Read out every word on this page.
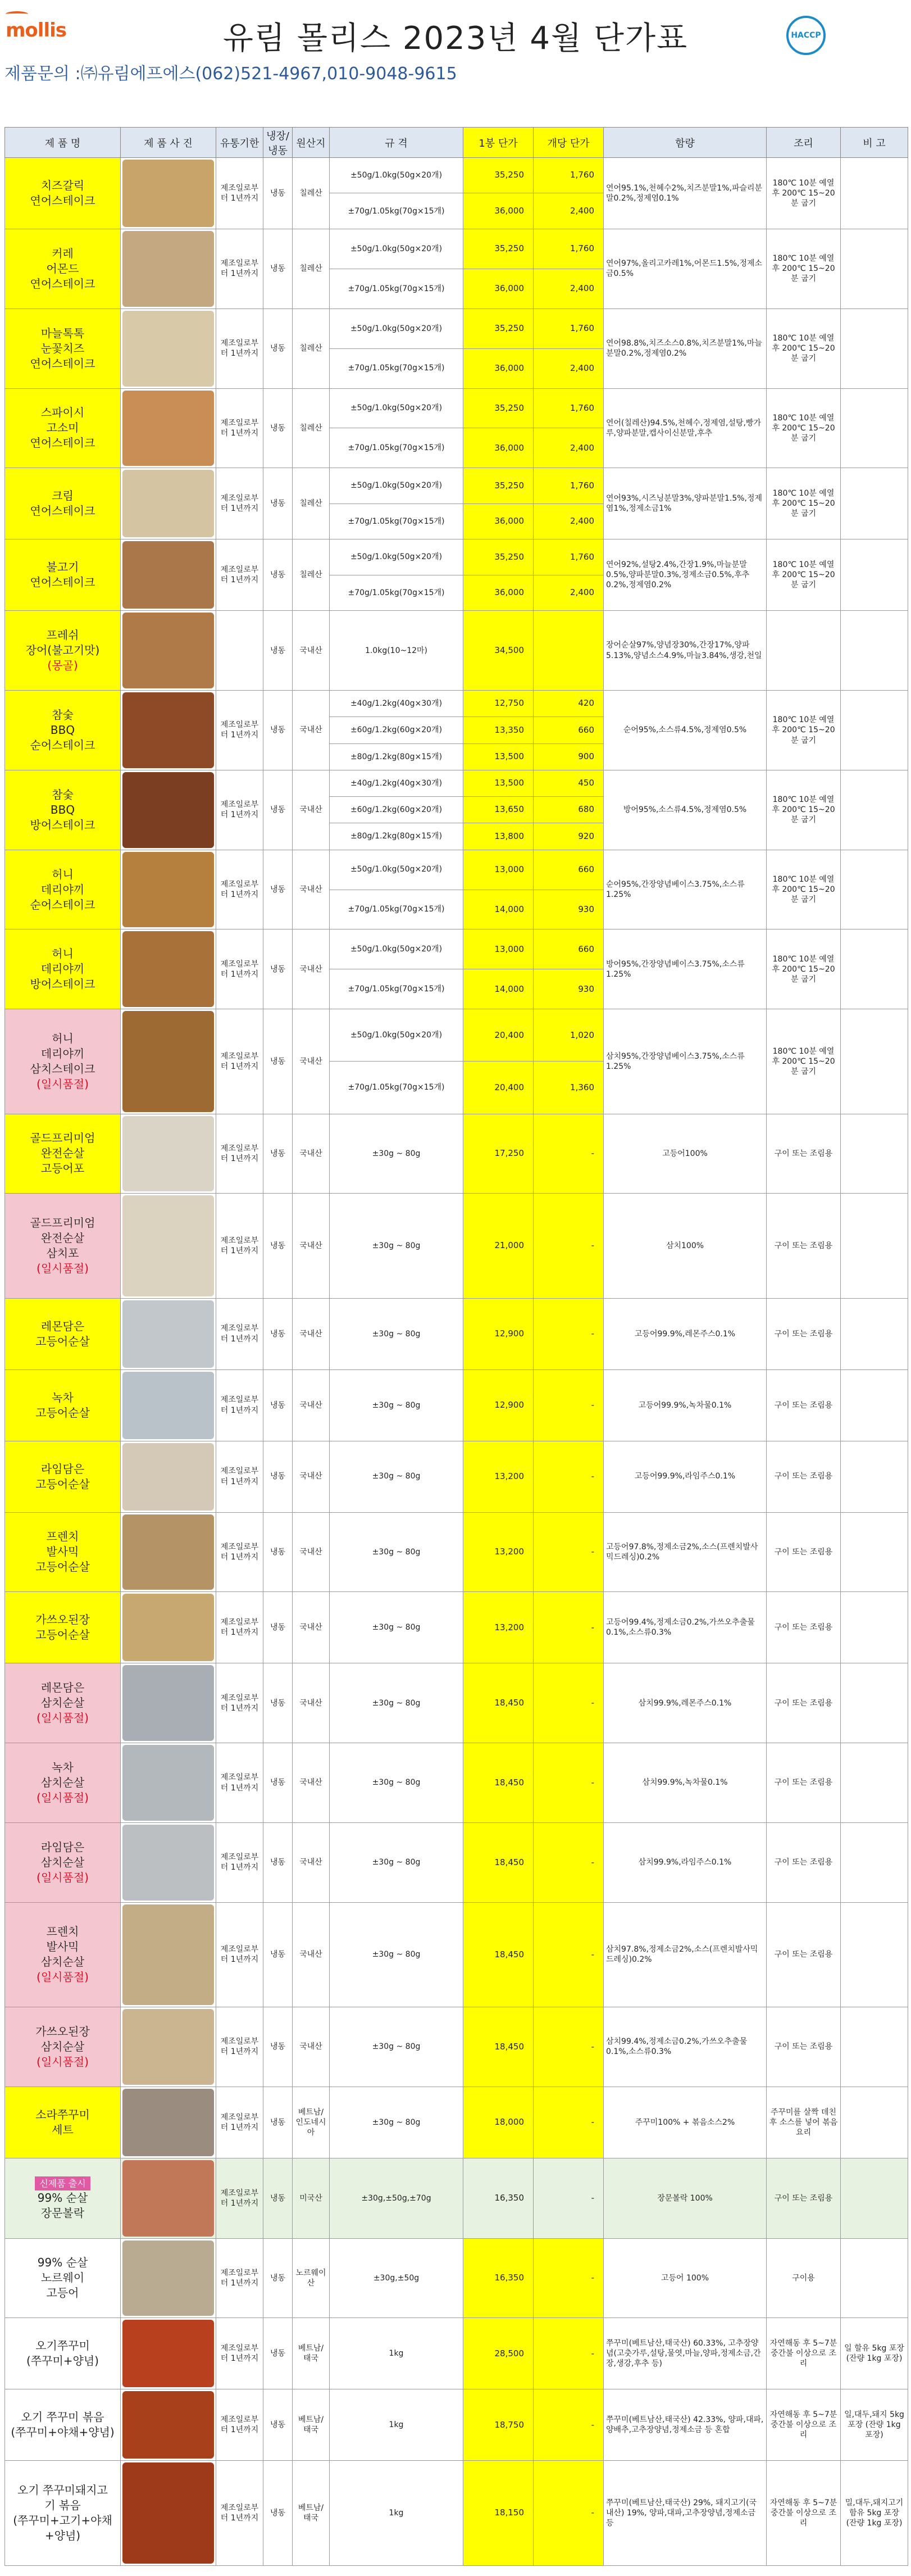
mollis	유림 몰리스 2023년 4월 단가표	HACCP
제품문의 :㈜유림에프에스(062)521-4967,010-9048-9615
제 품 명	제 품 사 진	유통기한	냉장/냉동	원산지	규 격	1봉 단가	개당 단가	함량	조리	비 고
치즈갈릭
연어스테이크		제조일로부터 1년까지	냉동	칠레산	±50g/1.0kg(50g×20개)	35,250	1,760	연어95.1%,천혜수2%,치즈분말1%,파슬리분말0.2%,정제염0.1%	180℃ 10분 예열 후 200℃ 15~20분 굽기	
					±70g/1.05kg(70g×15개)	36,000	2,400			
커레
어몬드
연어스테이크		제조일로부터 1년까지	냉동	칠레산	±50g/1.0kg(50g×20개)	35,250	1,760	연어97%,올리고카레1%,어몬드1.5%,정제소금0.5%	180℃ 10분 예열 후 200℃ 15~20분 굽기	
					±70g/1.05kg(70g×15개)	36,000	2,400			
마늘톡톡
눈꽃치즈
연어스테이크		제조일로부터 1년까지	냉동	칠레산	±50g/1.0kg(50g×20개)	35,250	1,760	연어98.8%,치즈소스0.8%,치즈분말1%,마늘분말0.2%,정제염0.2%	180℃ 10분 예열 후 200℃ 15~20분 굽기	
					±70g/1.05kg(70g×15개)	36,000	2,400			
스파이시
고소미
연어스테이크		제조일로부터 1년까지	냉동	칠레산	±50g/1.0kg(50g×20개)	35,250	1,760	연어(칠레산)94.5%,천혜수,정제염,설탕,빵가루,양파분말,캡사이신분말,후추	180℃ 10분 예열 후 200℃ 15~20분 굽기	
					±70g/1.05kg(70g×15개)	36,000	2,400			
크림
연어스테이크		제조일로부터 1년까지	냉동	칠레산	±50g/1.0kg(50g×20개)	35,250	1,760	연어93%,시즈닝분말3%,양파분말1.5%,정제염1%,정제소금1%	180℃ 10분 예열 후 200℃ 15~20분 굽기	
					±70g/1.05kg(70g×15개)	36,000	2,400			
불고기
연어스테이크		제조일로부터 1년까지	냉동	칠레산	±50g/1.0kg(50g×20개)	35,250	1,760	연어92%,설탕2.4%,간장1.9%,마늘분말0.5%,양파분말0.3%,정제소금0.5%,후추0.2%,정제염0.2%	180℃ 10분 예열 후 200℃ 15~20분 굽기	
					±70g/1.05kg(70g×15개)	36,000	2,400			
프레쉬
장어(불고기맛)
(몽골)			냉동	국내산	1.0kg(10~12마)	34,500		장어순살97%,양념장30%,간장17%,양파5.13%,양념소스4.9%,마늘3.84%,생강,천일		
참숯
BBQ
순어스테이크		제조일로부터 1년까지	냉동	국내산	±40g/1.2kg(40g×30개)	12,750	420	순어95%,소스류4.5%,정제염0.5%	180℃ 10분 예열 후 200℃ 15~20분 굽기	
					±60g/1.2kg(60g×20개)	13,350	660			
					±80g/1.2kg(80g×15개)	13,500	900			
참숯
BBQ
방어스테이크		제조일로부터 1년까지	냉동	국내산	±40g/1.2kg(40g×30개)	13,500	450	방어95%,소스류4.5%,정제염0.5%	180℃ 10분 예열 후 200℃ 15~20분 굽기	
					±60g/1.2kg(60g×20개)	13,650	680			
					±80g/1.2kg(80g×15개)	13,800	920			
허니
데리야끼
순어스테이크		제조일로부터 1년까지	냉동	국내산	±50g/1.0kg(50g×20개)	13,000	660	순어95%,간장양념베이스3.75%,소스류1.25%	180℃ 10분 예열 후 200℃ 15~20분 굽기	
					±70g/1.05kg(70g×15개)	14,000	930			
허니
데리야끼
방어스테이크		제조일로부터 1년까지	냉동	국내산	±50g/1.0kg(50g×20개)	13,000	660	방어95%,간장양념베이스3.75%,소스류1.25%	180℃ 10분 예열 후 200℃ 15~20분 굽기	
					±70g/1.05kg(70g×15개)	14,000	930			
허니
데리야끼
삼치스테이크
(일시품절)		제조일로부터 1년까지	냉동	국내산	±50g/1.0kg(50g×20개)	20,400	1,020	삼치95%,간장양념베이스3.75%,소스류1.25%	180℃ 10분 예열 후 200℃ 15~20분 굽기	
					±70g/1.05kg(70g×15개)	20,400	1,360			
골드프리미엄
완전순살
고등어포		제조일로부터 1년까지	냉동	국내산	±30g ~ 80g	17,250	-	고등어100%	구이 또는 조림용	
골드프리미엄
완전순살
삼치포
(일시품절)		제조일로부터 1년까지	냉동	국내산	±30g ~ 80g	21,000	-	삼치100%	구이 또는 조림용	
레몬담은
고등어순살		제조일로부터 1년까지	냉동	국내산	±30g ~ 80g	12,900	-	고등어99.9%,레몬주스0.1%	구이 또는 조림용	
녹차
고등어순살		제조일로부터 1년까지	냉동	국내산	±30g ~ 80g	12,900	-	고등어99.9%,녹차물0.1%	구이 또는 조림용	
라임담은
고등어순살		제조일로부터 1년까지	냉동	국내산	±30g ~ 80g	13,200	-	고등어99.9%,라임주스0.1%	구이 또는 조림용	
프렌치
발사믹
고등어순살		제조일로부터 1년까지	냉동	국내산	±30g ~ 80g	13,200	-	고등어97.8%,정제소금2%,소스(프렌치발사믹드레싱)0.2%	구이 또는 조림용	
가쓰오된장
고등어순살		제조일로부터 1년까지	냉동	국내산	±30g ~ 80g	13,200	-	고등어99.4%,정제소금0.2%,가쓰오추출물0.1%,소스류0.3%	구이 또는 조림용	
레몬담은
삼치순살
(일시품절)		제조일로부터 1년까지	냉동	국내산	±30g ~ 80g	18,450	-	삼치99.9%,레몬주스0.1%	구이 또는 조림용	
녹차
삼치순살
(일시품절)		제조일로부터 1년까지	냉동	국내산	±30g ~ 80g	18,450	-	삼치99.9%,녹차물0.1%	구이 또는 조림용	
라임담은
삼치순살
(일시품절)		제조일로부터 1년까지	냉동	국내산	±30g ~ 80g	18,450	-	삼치99.9%,라임주스0.1%	구이 또는 조림용	
프렌치
발사믹
삼치순살
(일시품절)		제조일로부터 1년까지	냉동	국내산	±30g ~ 80g	18,450	-	삼치97.8%,정제소금2%,소스(프렌치발사믹드레싱)0.2%	구이 또는 조림용	
가쓰오된장
삼치순살
(일시품절)		제조일로부터 1년까지	냉동	국내산	±30g ~ 80g	18,450	-	삼치99.4%,정제소금0.2%,가쓰오추출물0.1%,소스류0.3%	구이 또는 조림용	
소라쭈꾸미
세트		제조일로부터 1년까지	냉동	베트남/인도네시아	±30g ~ 80g	18,000	-	주꾸미100% + 볶음소스2%	주꾸미를 살짝 데친 후 소스를 넣어 볶음 요리	
신제품 출시
99% 순살
장문볼락		제조일로부터 1년까지	냉동	미국산	±30g,±50g,±70g	16,350	-	장문볼락 100%	구이 또는 조림용	
99% 순살
노르웨이
고등어		제조일로부터 1년까지	냉동	노르웨이산	±30g,±50g	16,350	-	고등어 100%	구이용	
오기쭈꾸미
(쭈꾸미+양념)		제조일로부터 1년까지	냉동	베트남/태국	1kg	28,500	-	쭈꾸미(베트남산,태국산) 60.33%, 고추장양념(고춧가루,설탕,물엿,마늘,양파,정제소금,간장,생강,후추 등)	자연해동 후 5~7분 중간불 이상으로 조리	일 할유 5kg 포장 (잔량 1kg 포장)
오기 쭈꾸미 볶음
(쭈꾸미+야채+양념)		제조일로부터 1년까지	냉동	베트남/태국	1kg	18,750	-	쭈꾸미(베트남산,태국산) 42.33%, 양파,대파,양배추,고추장양념,정제소금 등 혼합	자연해동 후 5~7분 중간불 이상으로 조리	일,대두,돼지 5kg 포장 (잔량 1kg 포장)
오기 쭈꾸미돼지고
기 볶음
(쭈꾸미+고기+야채+양념)		제조일로부터 1년까지	냉동	베트남/태국	1kg	18,150	-	쭈꾸미(베트남산,태국산) 29%, 돼지고기(국내산) 19%, 양파,대파,고추장양념,정제소금 등	자연해동 후 5~7분 중간불 이상으로 조리	밀,대두,돼지고기함유 5kg 포장 (잔량 1kg 포장)
